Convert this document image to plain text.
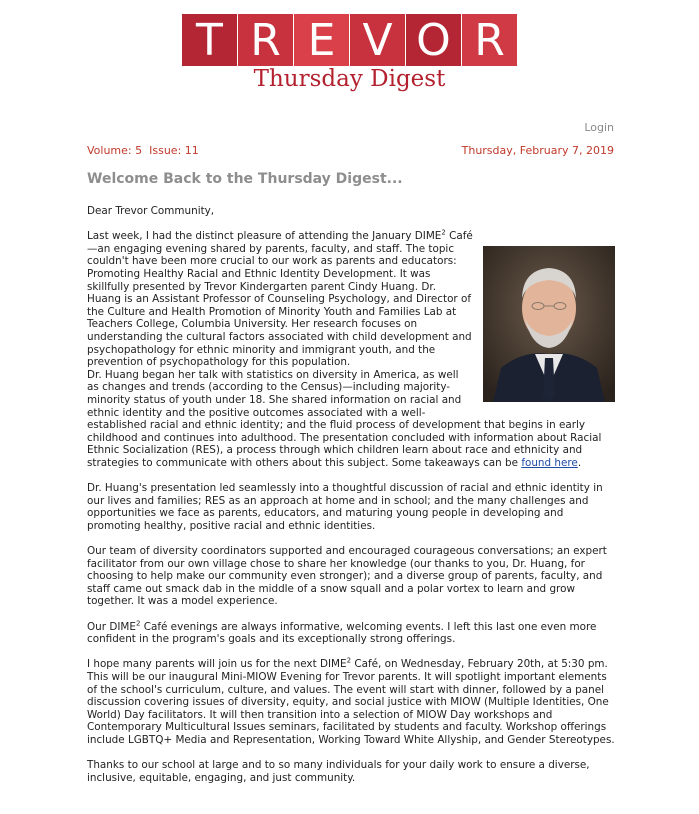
T R E V O R
Thursday Digest
Login
Volume: 5 Issue: 11	Thursday, February 7, 2019
Welcome Back to the Thursday Digest...

Dear Trevor Community,

Last week, I had the distinct pleasure of attending the January DIME$^2$ Café—an engaging evening shared by parents, faculty, and staff. The topic couldn't have been more crucial to our work as parents and educators: Promoting Healthy Racial and Ethnic Identity Development. It was skillfully presented by Trevor Kindergarten parent Cindy Huang. Dr. Huang is an Assistant Professor of Counseling Psychology, and Director of the Culture and Health Promotion of Minority Youth and Families Lab at Teachers College, Columbia University. Her research focuses on understanding the cultural factors associated with child development and psychopathology for ethnic minority and immigrant youth, and the prevention of psychopathology for this population.

Dr. Huang began her talk with statistics on diversity in America, as well as changes and trends (according to the Census)—including majority-minority status of youth under 18. She shared information on racial and ethnic identity and the positive outcomes associated with a well-established racial and ethnic identity; and the fluid process of development that begins in early childhood and continues into adulthood. The presentation concluded with information about Racial Ethnic Socialization (RES), a process through which children learn about race and ethnicity and strategies to communicate with others about this subject. Some takeaways can be found here.

Dr. Huang's presentation led seamlessly into a thoughtful discussion of racial and ethnic identity in our lives and families; RES as an approach at home and in school; and the many challenges and opportunities we face as parents, educators, and maturing young people in developing and promoting healthy, positive racial and ethnic identities.

Our team of diversity coordinators supported and encouraged courageous conversations; an expert facilitator from our own village chose to share her knowledge (our thanks to you, Dr. Huang, for choosing to help make our community even stronger); and a diverse group of parents, faculty, and staff came out smack dab in the middle of a snow squall and a polar vortex to learn and grow together. It was a model experience.

Our DIME$^2$ Café evenings are always informative, welcoming events. I left this last one even more confident in the program's goals and its exceptionally strong offerings.

I hope many parents will join us for the next DIME$^2$ Café, on Wednesday, February 20th, at 5:30 pm. This will be our inaugural Mini-MIOW Evening for Trevor parents. It will spotlight important elements of the school's curriculum, culture, and values. The event will start with dinner, followed by a panel discussion covering issues of diversity, equity, and social justice with MIOW (Multiple Identities, One World) Day facilitators. It will then transition into a selection of MIOW Day workshops and Contemporary Multicultural Issues seminars, facilitated by students and faculty. Workshop offerings include LGBTQ+ Media and Representation, Working Toward White Allyship, and Gender Stereotypes.

Thanks to our school at large and to so many individuals for your daily work to ensure a diverse, inclusive, equitable, engaging, and just community.
